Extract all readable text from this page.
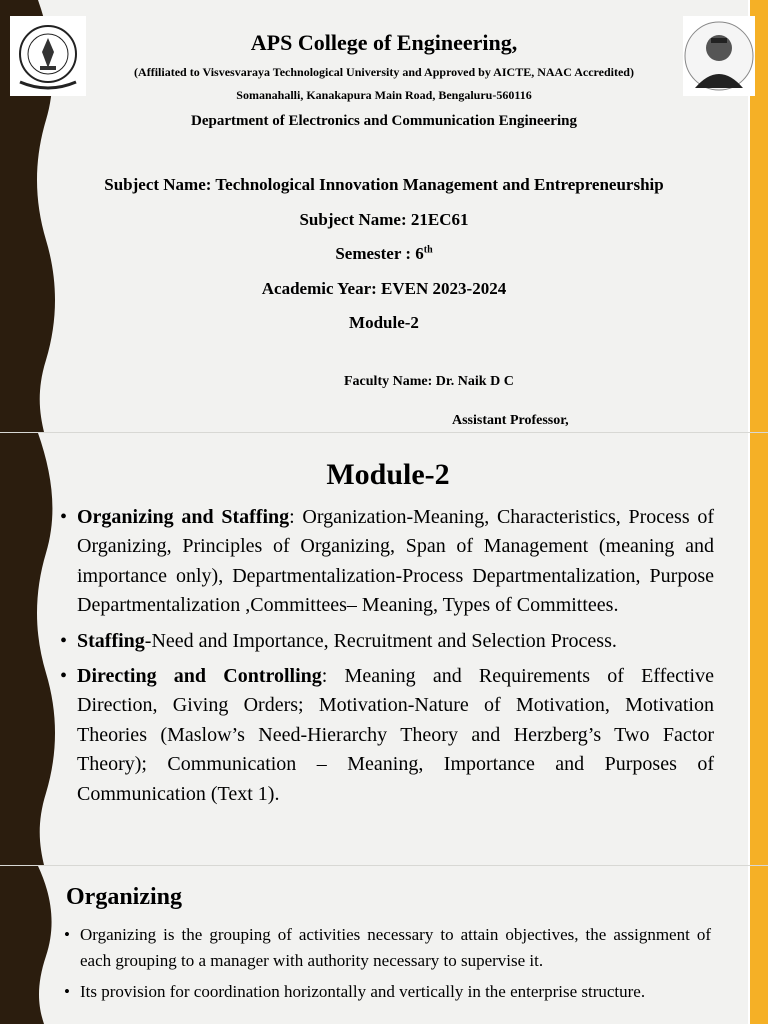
APS College of Engineering,
(Affiliated to Visvesvaraya Technological University and Approved by AICTE, NAAC Accredited)
Somanahalli, Kanakapura Main Road, Bengaluru-560116
Department of Electronics and Communication Engineering
Subject Name: Technological Innovation Management and Entrepreneurship
Subject Name: 21EC61
Semester : 6th
Academic Year: EVEN 2023-2024
Module-2
Faculty Name: Dr. Naik D C
Assistant Professor,
Module-2
• Organizing and Staffing: Organization-Meaning, Characteristics, Process of Organizing, Principles of Organizing, Span of Management (meaning and importance only), Departmentalization-Process Departmentalization, Purpose Departmentalization ,Committees– Meaning, Types of Committees.
• Staffing-Need and Importance, Recruitment and Selection Process.
• Directing and Controlling: Meaning and Requirements of Effective Direction, Giving Orders; Motivation-Nature of Motivation, Motivation Theories (Maslow’s Need-Hierarchy Theory and Herzberg’s Two Factor Theory); Communication – Meaning, Importance and Purposes of Communication (Text 1).
Organizing
• Organizing is the grouping of activities necessary to attain objectives, the assignment of each grouping to a manager with authority necessary to supervise it.
• Its provision for coordination horizontally and vertically in the enterprise structure.
